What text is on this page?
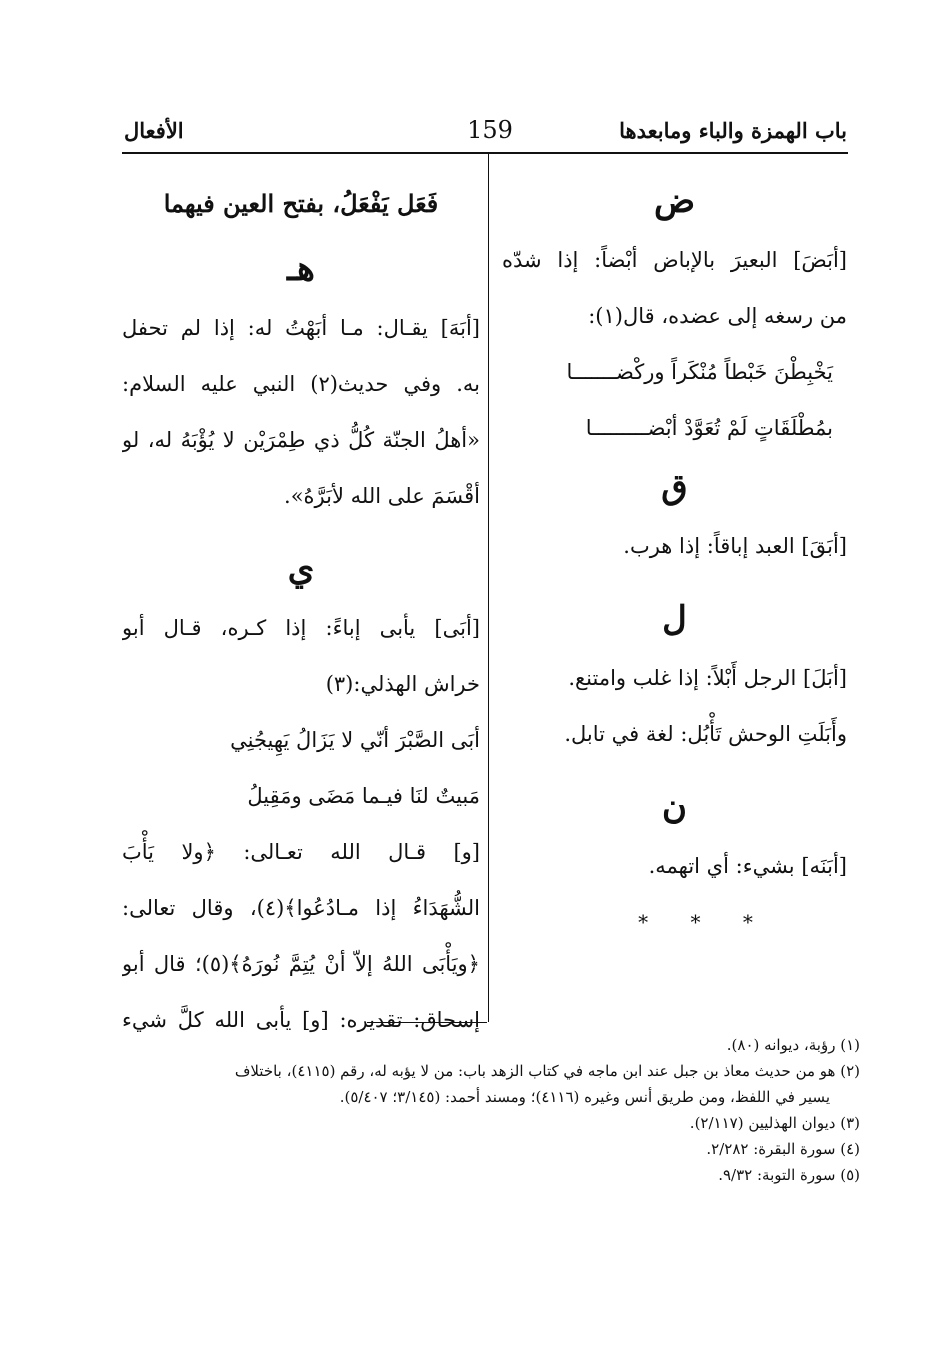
باب الهمزة والباء ومابعدها
159
الأفعال
ض
[أبَضَ] البعيرَ بالإباض أبْضاً: إذا شدّه
من رسغه إلى عضده، قال(١):
يَخْبِطْنَ خَبْطاً مُنْكَراً وركْضـــــــا
بمُطْلَقَاتٍ لَمْ تُعَوَّدْ أبْضـــــــــا
ق
[أبَقَ] العبد إباقاً: إذا هرب.
ل
[أبَلَ] الرجل أَبْلاً: إذا غلب وامتنع.
وأَبَلَتِ الوحش تَأْبُل: لغة في تابل.
ن
[أبَنَه] بشيء: أي اتهمه.
* * *
فَعَل يَفْعَلُ، بفتح العين فيهما
هـ
[أبَهَ] يقـال: مـا أبَهْتُ له: إذا لم تحفل
به. وفي حديث(٢) النبي عليه السلام:
«أهلُ الجنّة كُلُّ ذي طِمْرَيْن لا يُؤْبَهُ له، لو
أقْسَمَ على الله لأبَرَّهُ».
ي
[أبَى] يأبى إباءً: إذا كـره، قـال أبو
خراش الهذلي:(٣)
أبَى الصَّبْرَ أنّي لا يَزَالُ يَهِيجُنِي
مَبيتٌ لنَا فيـما مَضَى ومَقِيلُ
[و] قـال الله تعـالى: ﴿ولا يَأْبَ
الشُّهَدَاءُ إذا مـادُعُوا﴾(٤)، وقال تعالى:
﴿ويَأْبَى اللهُ إلاّ أنْ يُتِمَّ نُورَهُ﴾(٥)؛ قال أبو
إسحاق: تقديره: [و] يأبى الله كلَّ شيء
(١) رؤبة، ديوانه (٨٠).
(٢) هو من حديث معاذ بن جبل عند ابن ماجه في كتاب الزهد باب: من لا يؤبه له، رقم (٤١١٥)، باختلاف
يسير في اللفظ، ومن طريق أنس وغيره (٤١١٦)؛ ومسند أحمد: (٣/١٤٥؛ ٥/٤٠٧).
(٣) ديوان الهذليين (٢/١١٧).
(٤) سورة البقرة: ٢/٢٨٢.
(٥) سورة التوبة: ٩/٣٢.
